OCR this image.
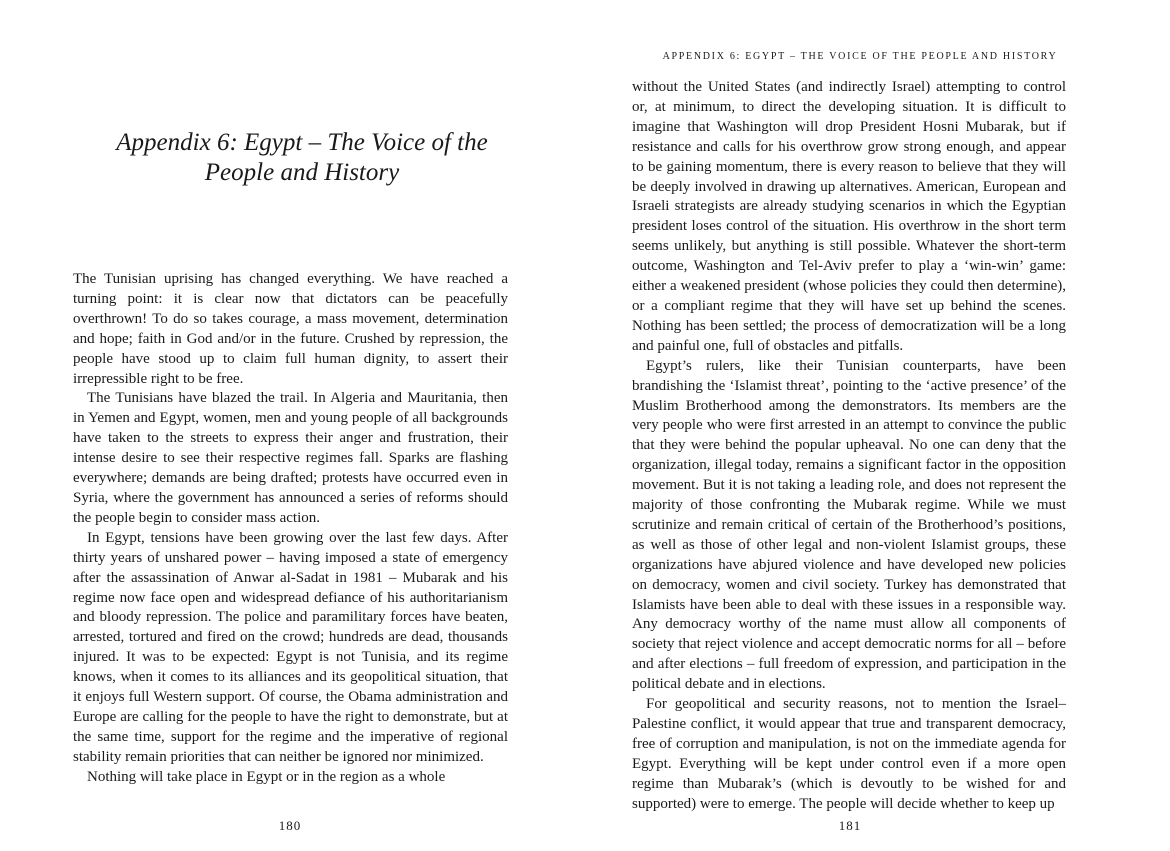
Appendix 6: Egypt – The Voice of the People and History

The Tunisian uprising has changed everything. We have reached a turning point: it is clear now that dictators can be peacefully overthrown! To do so takes courage, a mass movement, determination and hope; faith in God and/or in the future. Crushed by repression, the people have stood up to claim full human dignity, to assert their irrepressible right to be free.

The Tunisians have blazed the trail. In Algeria and Mauritania, then in Yemen and Egypt, women, men and young people of all backgrounds have taken to the streets to express their anger and frustration, their intense desire to see their respective regimes fall. Sparks are flashing everywhere; demands are being drafted; protests have occurred even in Syria, where the government has announced a series of reforms should the people begin to consider mass action.

In Egypt, tensions have been growing over the last few days. After thirty years of unshared power – having imposed a state of emergency after the assassination of Anwar al-Sadat in 1981 – Mubarak and his regime now face open and widespread defiance of his authoritarianism and bloody repression. The police and paramilitary forces have beaten, arrested, tortured and fired on the crowd; hundreds are dead, thousands injured. It was to be expected: Egypt is not Tunisia, and its regime knows, when it comes to its alliances and its geopolitical situation, that it enjoys full Western support. Of course, the Obama administration and Europe are calling for the people to have the right to demonstrate, but at the same time, support for the regime and the imperative of regional stability remain priorities that can neither be ignored nor minimized.

Nothing will take place in Egypt or in the region as a whole

180
APPENDIX 6: EGYPT – THE VOICE OF THE PEOPLE AND HISTORY

without the United States (and indirectly Israel) attempting to control or, at minimum, to direct the developing situation. It is difficult to imagine that Washington will drop President Hosni Mubarak, but if resistance and calls for his overthrow grow strong enough, and appear to be gaining momentum, there is every reason to believe that they will be deeply involved in drawing up alternatives. American, European and Israeli strategists are already studying scenarios in which the Egyptian president loses control of the situation. His overthrow in the short term seems unlikely, but anything is still possible. Whatever the short-term outcome, Washington and Tel-Aviv prefer to play a ‘win-win’ game: either a weakened president (whose policies they could then determine), or a compliant regime that they will have set up behind the scenes. Nothing has been settled; the process of democratization will be a long and painful one, full of obstacles and pitfalls.

Egypt’s rulers, like their Tunisian counterparts, have been brandishing the ‘Islamist threat’, pointing to the ‘active presence’ of the Muslim Brotherhood among the demonstrators. Its members are the very people who were first arrested in an attempt to convince the public that they were behind the popular upheaval. No one can deny that the organization, illegal today, remains a significant factor in the opposition movement. But it is not taking a leading role, and does not represent the majority of those confronting the Mubarak regime. While we must scrutinize and remain critical of certain of the Brotherhood’s positions, as well as those of other legal and non-violent Islamist groups, these organizations have abjured violence and have developed new policies on democracy, women and civil society. Turkey has demonstrated that Islamists have been able to deal with these issues in a responsible way. Any democracy worthy of the name must allow all components of society that reject violence and accept democratic norms for all – before and after elections – full freedom of expression, and participation in the political debate and in elections.

For geopolitical and security reasons, not to mention the Israel–Palestine conflict, it would appear that true and transparent democracy, free of corruption and manipulation, is not on the immediate agenda for Egypt. Everything will be kept under control even if a more open regime than Mubarak’s (which is devoutly to be wished for and supported) were to emerge. The people will decide whether to keep up

181
